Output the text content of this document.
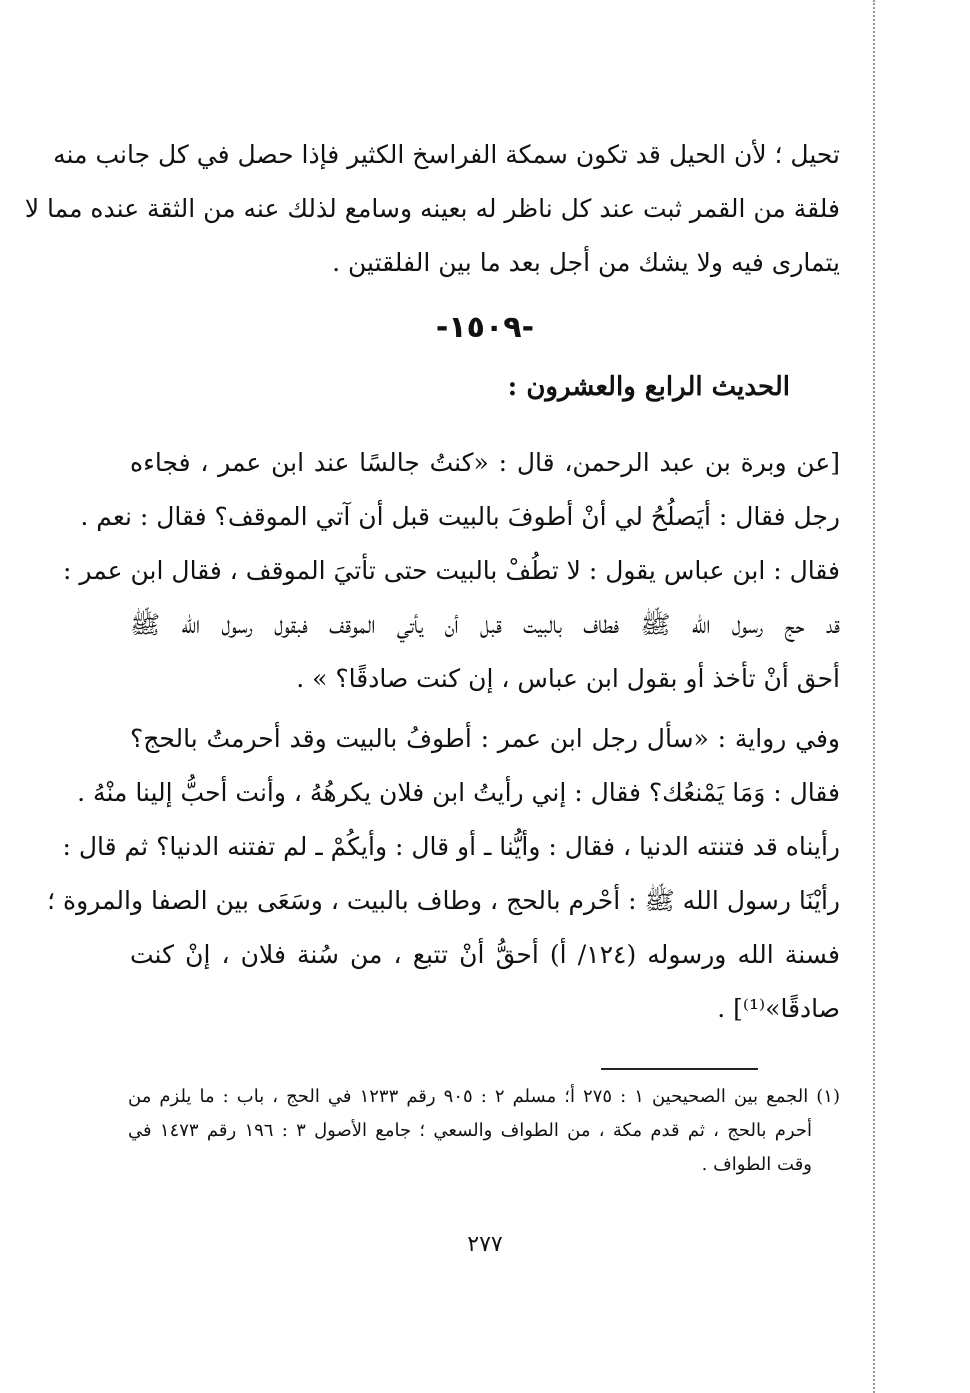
تحيل ؛ لأن الحيل قد تكون سمكة الفراسخ الكثير فإذا حصل في كل جانب منه
فلقة من القمر ثبت عند كل ناظر له بعينه وسامع لذلك عنه من الثقة عنده مما لا
يتمارى فيه ولا يشك من أجل بعد ما بين الفلقتين .
-١٥٠٩-
الحديث الرابع والعشرون :
[عن وبرة بن عبد الرحمن، قال : «كنتُ جالسًا عند ابن عمر ، فجاءه
رجل فقال : أيَصلُحُ لي أنْ أطوفَ بالبيت قبل أن آتي الموقف؟ فقال : نعم .
فقال : ابن عباس يقول : لا تطُفْ بالبيت حتى تأتيَ الموقف ، فقال ابن عمر :
قد حج رسول الله ﷺ فطاف بالبيت قبل أن يأتي الموقف فبقول رسول الله ﷺ
أحق أنْ تأخذ أو بقول ابن عباس ، إن كنت صادقًا؟ » .
وفي رواية : «سأل رجل ابن عمر : أطوفُ بالبيت وقد أحرمتُ بالحج؟
فقال : وَمَا يَمْنعُك؟ فقال : إني رأيتُ ابن فلان يكرهُهُ ، وأنت أحبُّ إلينا منْهُ .
رأيناه قد فتنته الدنيا ، فقال : وأيُّنا ـ أو قال : وأيكُمْ ـ لم تفتنه الدنيا؟ ثم قال :
رأيْنَا رسول الله ﷺ : أحْرم بالحج ، وطاف بالبيت ، وسَعَى بين الصفا والمروة ؛
فسنة الله ورسوله (١٢٤/ أ) أحقُّ أنْ تتبع ، من سُنة فلان ، إنْ كنت
صادقًا»⁽¹⁾] .
(١) الجمع بين الصحيحين ١ : ٢٧٥ أ؛ مسلم ٢ : ٩٠٥ رقم ١٢٣٣ في الحج ، باب : ما يلزم من
أحرم بالحج ، ثم قدم مكة ، من الطواف والسعي ؛ جامع الأصول ٣ : ١٩٦ رقم ١٤٧٣ في
وقت الطواف .
٢٧٧
